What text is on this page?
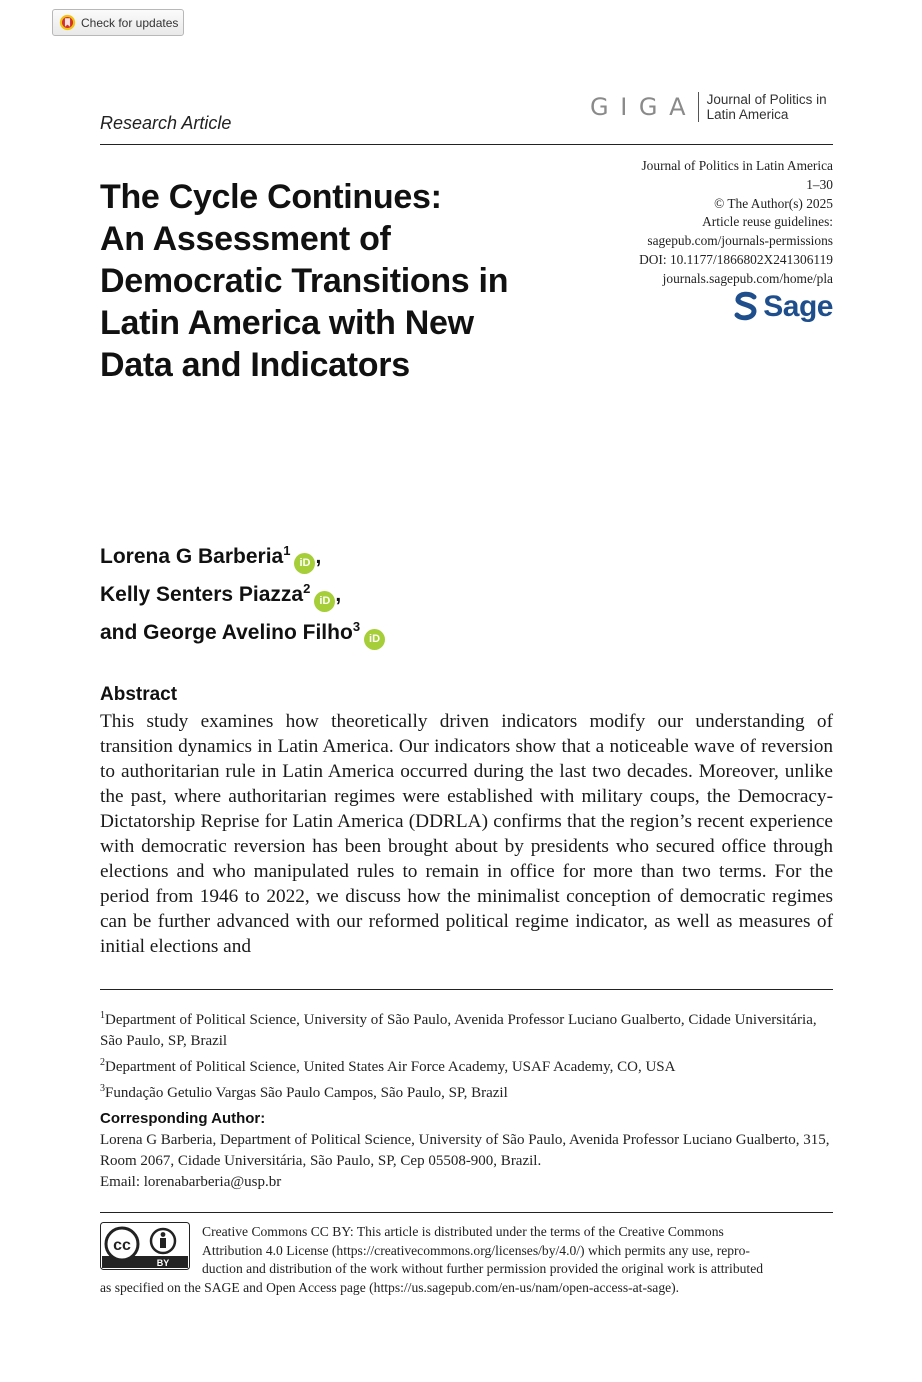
Check for updates
Research Article
G I G A Journal of Politics in
Latin America
Journal of Politics in Latin America
1–30
© The Author(s) 2025
Article reuse guidelines:
sagepub.com/journals-permissions
DOI: 10.1177/1866802X241306119
journals.sagepub.com/home/pla
Sage
The Cycle Continues:
An Assessment of
Democratic Transitions in
Latin America with New
Data and Indicators
Lorena G Barberia$^1$iD ,
Kelly Senters Piazza$^2$iD ,
and George Avelino Filho$^3$iD
Abstract
This study examines how theoretically driven indicators modify our understanding of transition dynamics in Latin America. Our indicators show that a noticeable wave of reversion to authoritarian rule in Latin America occurred during the last two decades. Moreover, unlike the past, where authoritarian regimes were established with military coups, the Democracy-Dictatorship Reprise for Latin America (DDRLA) confirms that the region’s recent experience with democratic reversion has been brought about by presidents who secured office through elections and who manipulated rules to remain in office for more than two terms. For the period from 1946 to 2022, we discuss how the minimalist conception of democratic regimes can be further advanced with our reformed political regime indicator, as well as measures of initial elections and
$^1$Department of Political Science, University of São Paulo, Avenida Professor Luciano Gualberto, Cidade Universitária, São Paulo, SP, Brazil
$^2$Department of Political Science, United States Air Force Academy, USAF Academy, CO, USA
$^3$Fundação Getulio Vargas São Paulo Campos, São Paulo, SP, Brazil
Corresponding Author:
Lorena G Barberia, Department of Political Science, University of São Paulo, Avenida Professor Luciano Gualberto, 315, Room 2067, Cidade Universitária, São Paulo, SP, Cep 05508-900, Brazil.
Email: lorenabarberia@usp.br
cc
BY
Creative Commons CC BY: This article is distributed under the terms of the Creative Commons
Attribution 4.0 License (https://creativecommons.org/licenses/by/4.0/) which permits any use, repro-
duction and distribution of the work without further permission provided the original work is attributed
as specified on the SAGE and Open Access page (https://us.sagepub.com/en-us/nam/open-access-at-sage).
